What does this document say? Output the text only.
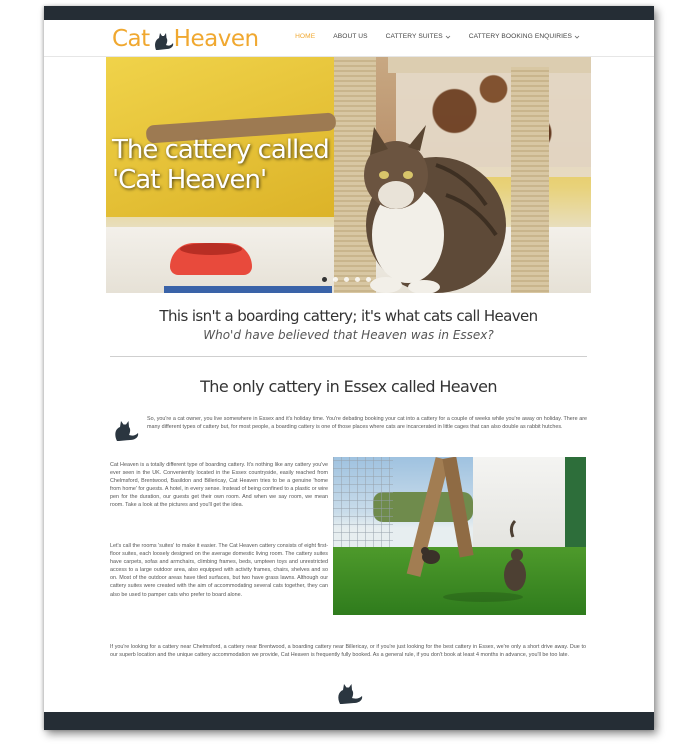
Cat Heaven	HOME	ABOUT US	CATTERY SUITES	CATTERY BOOKING ENQUIRIES
The cattery called
'Cat Heaven'
This isn't a boarding cattery; it's what cats call Heaven
Who'd have believed that Heaven was in Essex?
The only cattery in Essex called Heaven
So, you're a cat owner, you live somewhere in Essex and it's holiday time. You're debating booking your cat into a cattery for a couple of weeks while you're away on holiday. There are many different types of cattery but, for most people, a boarding cattery is one of those places where cats are incarcerated in little cages that can also double as rabbit hutches.
Cat Heaven is a totally different type of boarding cattery. It's nothing like any cattery you've ever seen in the UK. Conveniently located in the Essex countryside, easily reached from Chelmsford, Brentwood, Basildon and Billericay, Cat Heaven tries to be a genuine 'home from home' for guests. A hotel, in every sense. Instead of being confined to a plastic or wire pen for the duration, our guests get their own room. And when we say room, we mean room. Take a look at the pictures and you'll get the idea.
Let's call the rooms 'suites' to make it easier. The Cat Heaven cattery consists of eight first-floor suites, each loosely designed on the average domestic living room. The cattery suites have carpets, sofas and armchairs, climbing frames, beds, umpteen toys and unrestricted access to a large outdoor area, also equipped with activity frames, chairs, shelves and so on. Most of the outdoor areas have tiled surfaces, but two have grass lawns. Although our cattery suites were created with the aim of accommodating several cats together, they can also be used to pamper cats who prefer to board alone.
If you're looking for a cattery near Chelmsford, a cattery near Brentwood, a boarding cattery near Billericay, or if you're just looking for the best cattery in Essex, we're only a short drive away. Due to our superb location and the unique cattery accommodation we provide, Cat Heaven is frequently fully booked. As a general rule, if you don't book at least 4 months in advance, you'll be too late.
